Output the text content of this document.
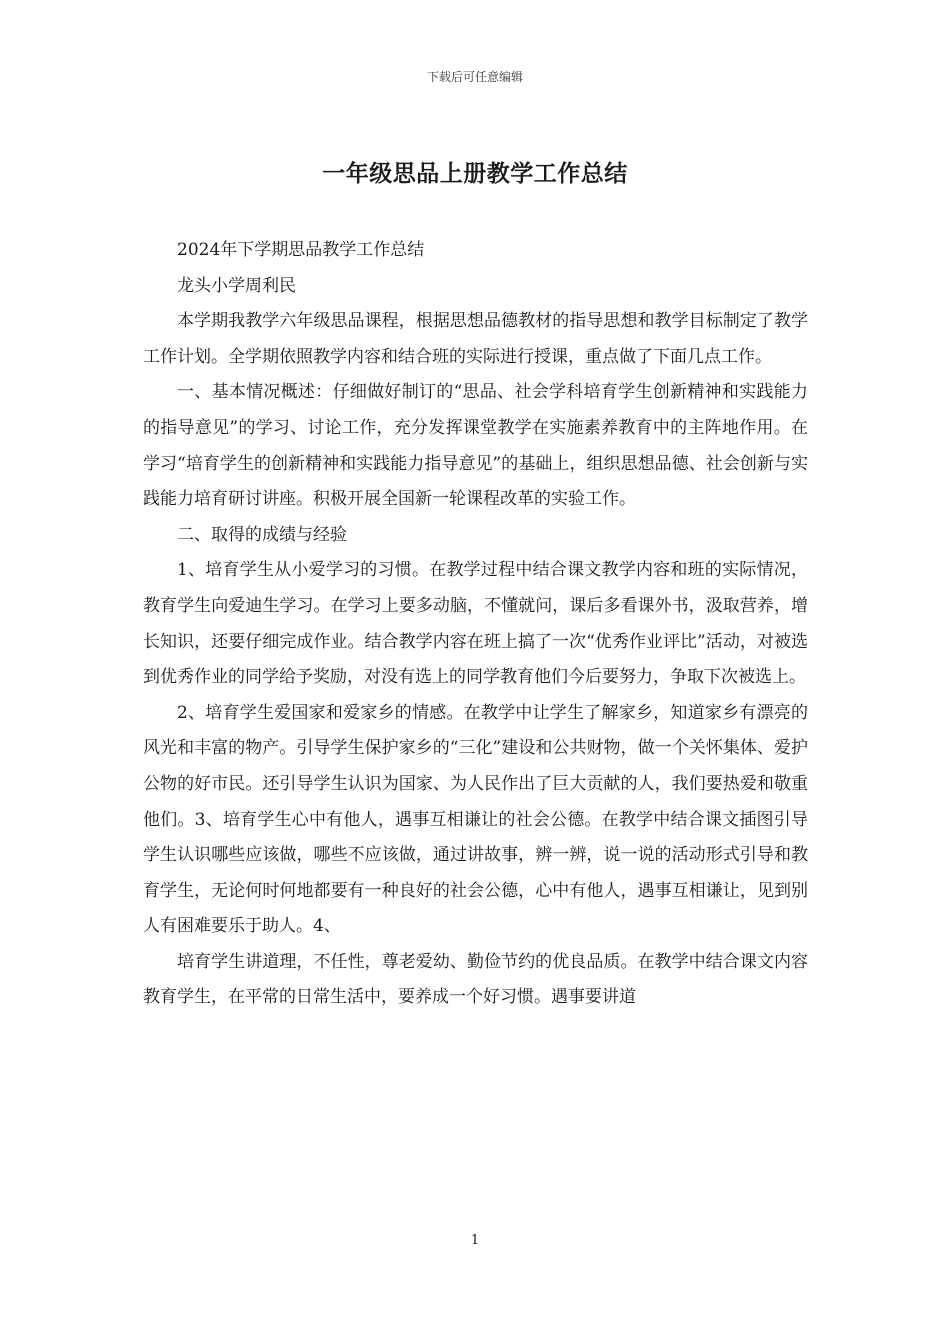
下载后可任意编辑
一年级思品上册教学工作总结

2024年下学期思品教学工作总结

龙头小学周利民

本学期我教学六年级思品课程，根据思想品德教材的指导思想和教学目标制定了教学工作计划。全学期依照教学内容和结合班的实际进行授课，重点做了下面几点工作。

一、基本情况概述：仔细做好制订的“思品、社会学科培育学生创新精神和实践能力的指导意见”的学习、讨论工作，充分发挥课堂教学在实施素养教育中的主阵地作用。在学习“培育学生的创新精神和实践能力指导意见”的基础上，组织思想品德、社会创新与实践能力培育研讨讲座。积极开展全国新一轮课程改革的实验工作。

二、取得的成绩与经验

1、培育学生从小爱学习的习惯。在教学过程中结合课文教学内容和班的实际情况，教育学生向爱迪生学习。在学习上要多动脑，不懂就问，课后多看课外书，汲取营养，增长知识，还要仔细完成作业。结合教学内容在班上搞了一次“优秀作业评比”活动，对被选到优秀作业的同学给予奖励，对没有选上的同学教育他们今后要努力，争取下次被选上。

2、培育学生爱国家和爱家乡的情感。在教学中让学生了解家乡，知道家乡有漂亮的风光和丰富的物产。引导学生保护家乡的“三化”建设和公共财物，做一个关怀集体、爱护公物的好市民。还引导学生认识为国家、为人民作出了巨大贡献的人，我们要热爱和敬重他们。3、培育学生心中有他人，遇事互相谦让的社会公德。在教学中结合课文插图引导学生认识哪些应该做，哪些不应该做，通过讲故事，辨一辨，说一说的活动形式引导和教育学生，无论何时何地都要有一种良好的社会公德，心中有他人，遇事互相谦让，见到别人有困难要乐于助人。4、

培育学生讲道理，不任性，尊老爱幼、勤俭节约的优良品质。在教学中结合课文内容教育学生，在平常的日常生活中，要养成一个好习惯。遇事要讲道

1
